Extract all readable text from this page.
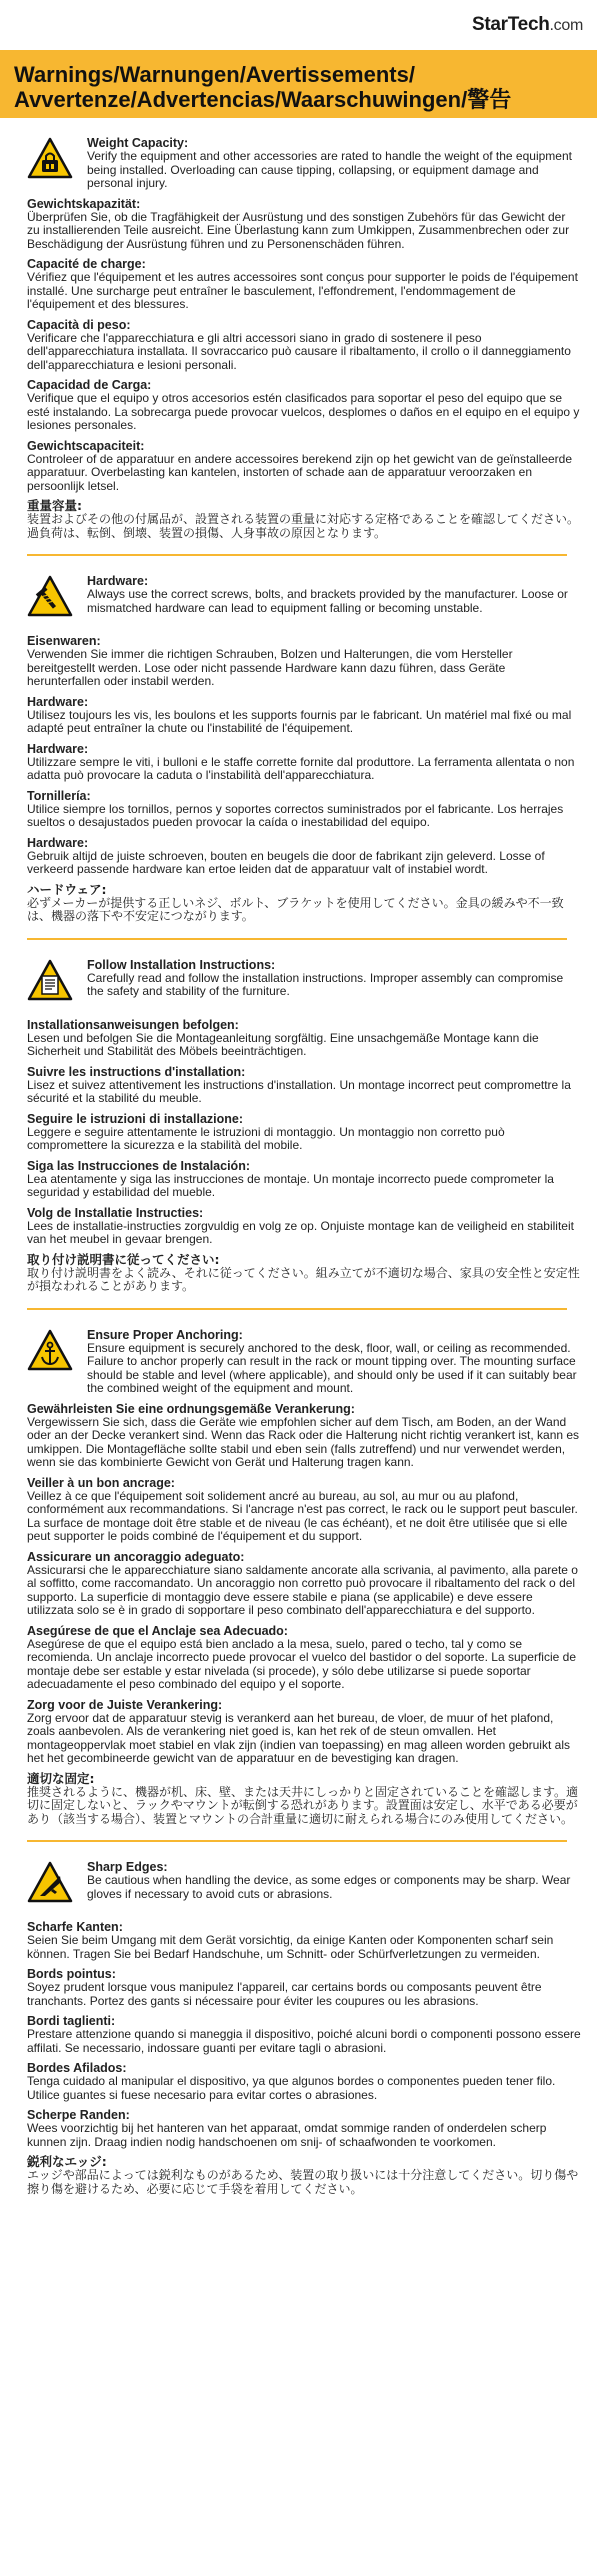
StarTech.com
Warnings/Warnungen/Avertissements/
Avvertenze/Advertencias/Waarschuwingen/警告
Weight Capacity:
Verify the equipment and other accessories are rated to handle the weight of the equipment being installed. Overloading can cause tipping, collapsing, or equipment damage and personal injury.
Gewichtskapazität:
Überprüfen Sie, ob die Tragfähigkeit der Ausrüstung und des sonstigen Zubehörs für das Gewicht der zu installierenden Teile ausreicht. Eine Überlastung kann zum Umkippen, Zusammenbrechen oder zur Beschädigung der Ausrüstung führen und zu Personenschäden führen.
Capacité de charge:
Vérifiez que l'équipement et les autres accessoires sont conçus pour supporter le poids de l'équipement installé. Une surcharge peut entraîner le basculement, l'effondrement, l'endommagement de l'équipement et des blessures.
Capacità di peso:
Verificare che l'apparecchiatura e gli altri accessori siano in grado di sostenere il peso dell'apparecchiatura installata. Il sovraccarico può causare il ribaltamento, il crollo o il danneggiamento dell'apparecchiatura e lesioni personali.
Capacidad de Carga:
Verifique que el equipo y otros accesorios estén clasificados para soportar el peso del equipo que se esté instalando. La sobrecarga puede provocar vuelcos, desplomes o daños en el equipo en el equipo y lesiones personales.
Gewichtscapaciteit:
Controleer of de apparatuur en andere accessoires berekend zijn op het gewicht van de geïnstalleerde apparatuur. Overbelasting kan kantelen, instorten of schade aan de apparatuur veroorzaken en persoonlijk letsel.
重量容量:
装置およびその他の付属品が、設置される装置の重量に対応する定格であることを確認してください。過負荷は、転倒、倒壊、装置の損傷、人身事故の原因となります。
Hardware:
Always use the correct screws, bolts, and brackets provided by the manufacturer. Loose or mismatched hardware can lead to equipment falling or becoming unstable.
Eisenwaren:
Verwenden Sie immer die richtigen Schrauben, Bolzen und Halterungen, die vom Hersteller bereitgestellt werden. Lose oder nicht passende Hardware kann dazu führen, dass Geräte herunterfallen oder instabil werden.
Hardware:
Utilisez toujours les vis, les boulons et les supports fournis par le fabricant. Un matériel mal fixé ou mal adapté peut entraîner la chute ou l'instabilité de l'équipement.
Hardware:
Utilizzare sempre le viti, i bulloni e le staffe corrette fornite dal produttore. La ferramenta allentata o non adatta può provocare la caduta o l'instabilità dell'apparecchiatura.
Tornillería:
Utilice siempre los tornillos, pernos y soportes correctos suministrados por el fabricante. Los herrajes sueltos o desajustados pueden provocar la caída o inestabilidad del equipo.
Hardware:
Gebruik altijd de juiste schroeven, bouten en beugels die door de fabrikant zijn geleverd. Losse of verkeerd passende hardware kan ertoe leiden dat de apparatuur valt of instabiel wordt.
ハードウェア:
必ずメーカーが提供する正しいネジ、ボルト、ブラケットを使用してください。金具の緩みや不一致は、機器の落下や不安定につながります。
Follow Installation Instructions:
Carefully read and follow the installation instructions. Improper assembly can compromise the safety and stability of the furniture.
Installationsanweisungen befolgen:
Lesen und befolgen Sie die Montageanleitung sorgfältig. Eine unsachgemäße Montage kann die Sicherheit und Stabilität des Möbels beeinträchtigen.
Suivre les instructions d'installation:
Lisez et suivez attentivement les instructions d'installation. Un montage incorrect peut compromettre la sécurité et la stabilité du meuble.
Seguire le istruzioni di installazione:
Leggere e seguire attentamente le istruzioni di montaggio. Un montaggio non corretto può compromettere la sicurezza e la stabilità del mobile.
Siga las Instrucciones de Instalación:
Lea atentamente y siga las instrucciones de montaje. Un montaje incorrecto puede comprometer la seguridad y estabilidad del mueble.
Volg de Installatie Instructies:
Lees de installatie-instructies zorgvuldig en volg ze op. Onjuiste montage kan de veiligheid en stabiliteit van het meubel in gevaar brengen.
取り付け説明書に従ってください:
取り付け説明書をよく読み、それに従ってください。組み立てが不適切な場合、家具の安全性と安定性が損なわれることがあります。
Ensure Proper Anchoring:
Ensure equipment is securely anchored to the desk, floor, wall, or ceiling as recommended. Failure to anchor properly can result in the rack or mount tipping over. The mounting surface should be stable and level (where applicable), and should only be used if it can suitably bear the combined weight of the equipment and mount.
Gewährleisten Sie eine ordnungsgemäße Verankerung:
Vergewissern Sie sich, dass die Geräte wie empfohlen sicher auf dem Tisch, am Boden, an der Wand oder an der Decke verankert sind. Wenn das Rack oder die Halterung nicht richtig verankert ist, kann es umkippen. Die Montagefläche sollte stabil und eben sein (falls zutreffend) und nur verwendet werden, wenn sie das kombinierte Gewicht von Gerät und Halterung tragen kann.
Veiller à un bon ancrage:
Veillez à ce que l'équipement soit solidement ancré au bureau, au sol, au mur ou au plafond, conformément aux recommandations. Si l'ancrage n'est pas correct, le rack ou le support peut basculer. La surface de montage doit être stable et de niveau (le cas échéant), et ne doit être utilisée que si elle peut supporter le poids combiné de l'équipement et du support.
Assicurare un ancoraggio adeguato:
Assicurarsi che le apparecchiature siano saldamente ancorate alla scrivania, al pavimento, alla parete o al soffitto, come raccomandato. Un ancoraggio non corretto può provocare il ribaltamento del rack o del supporto. La superficie di montaggio deve essere stabile e piana (se applicabile) e deve essere utilizzata solo se è in grado di sopportare il peso combinato dell'apparecchiatura e del supporto.
Asegúrese de que el Anclaje sea Adecuado:
Asegúrese de que el equipo está bien anclado a la mesa, suelo, pared o techo, tal y como se recomienda. Un anclaje incorrecto puede provocar el vuelco del bastidor o del soporte. La superficie de montaje debe ser estable y estar nivelada (si procede), y sólo debe utilizarse si puede soportar adecuadamente el peso combinado del equipo y el soporte.
Zorg voor de Juiste Verankering:
Zorg ervoor dat de apparatuur stevig is verankerd aan het bureau, de vloer, de muur of het plafond, zoals aanbevolen. Als de verankering niet goed is, kan het rek of de steun omvallen. Het montageoppervlak moet stabiel en vlak zijn (indien van toepassing) en mag alleen worden gebruikt als het het gecombineerde gewicht van de apparatuur en de bevestiging kan dragen.
適切な固定:
推奨されるように、機器が机、床、壁、または天井にしっかりと固定されていることを確認します。適切に固定しないと、ラックやマウントが転倒する恐れがあります。設置面は安定し、水平である必要があり（該当する場合）、装置とマウントの合計重量に適切に耐えられる場合にのみ使用してください。
Sharp Edges:
Be cautious when handling the device, as some edges or components may be sharp. Wear gloves if necessary to avoid cuts or abrasions.
Scharfe Kanten:
Seien Sie beim Umgang mit dem Gerät vorsichtig, da einige Kanten oder Komponenten scharf sein können. Tragen Sie bei Bedarf Handschuhe, um Schnitt- oder Schürfverletzungen zu vermeiden.
Bords pointus:
Soyez prudent lorsque vous manipulez l'appareil, car certains bords ou composants peuvent être tranchants. Portez des gants si nécessaire pour éviter les coupures ou les abrasions.
Bordi taglienti:
Prestare attenzione quando si maneggia il dispositivo, poiché alcuni bordi o componenti possono essere affilati. Se necessario, indossare guanti per evitare tagli o abrasioni.
Bordes Afilados:
Tenga cuidado al manipular el dispositivo, ya que algunos bordes o componentes pueden tener filo. Utilice guantes si fuese necesario para evitar cortes o abrasiones.
Scherpe Randen:
Wees voorzichtig bij het hanteren van het apparaat, omdat sommige randen of onderdelen scherp kunnen zijn. Draag indien nodig handschoenen om snij- of schaafwonden te voorkomen.
鋭利なエッジ:
エッジや部品によっては鋭利なものがあるため、装置の取り扱いには十分注意してください。切り傷や擦り傷を避けるため、必要に応じて手袋を着用してください。
